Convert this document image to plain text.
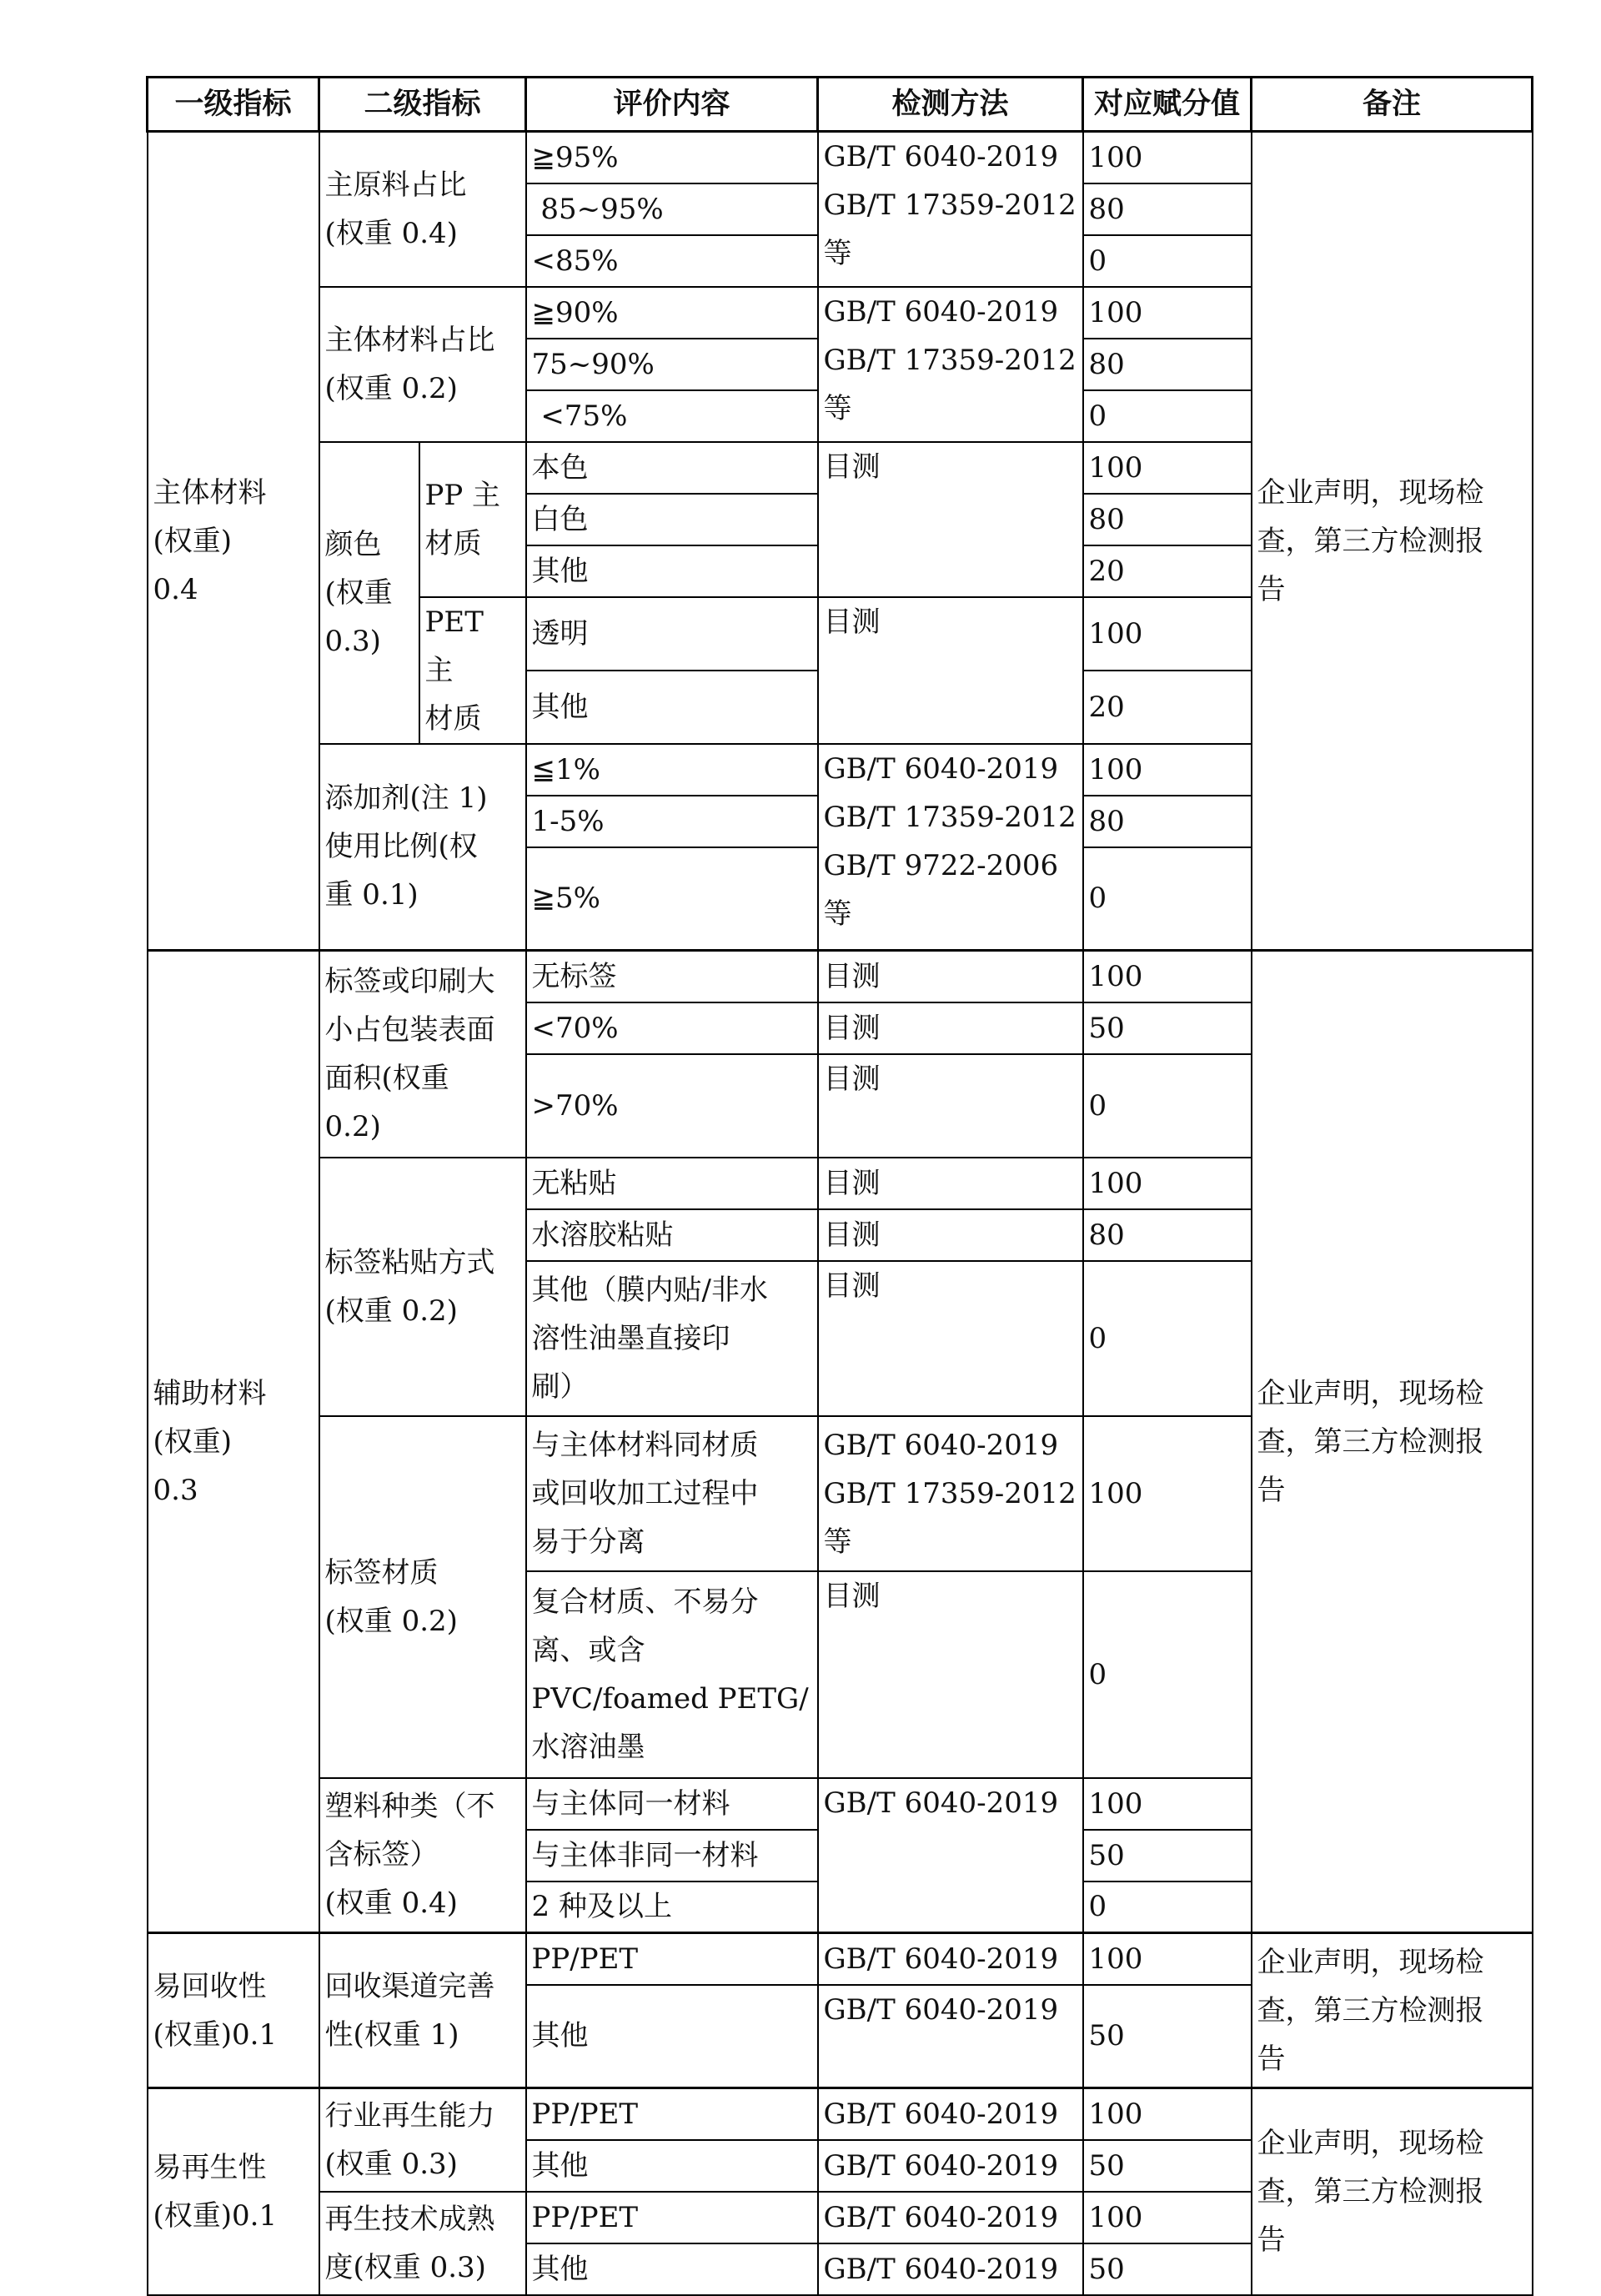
一级指标	二级指标		评价内容	检测方法	对应赋分值	备注
主体材料
(权重)
0.4	主原料占比
(权重 0.4)		≧95%	GB/T 6040-2019
GB/T 17359-2012
等	100	企业声明，现场检
查，第三方检测报
告
			85~95%		80	
			<85%		0	
	主体材料占比
(权重 0.2)		≧90%	GB/T 6040-2019
GB/T 17359-2012
等	100	
			75~90%		80	
			<75%		0	
	颜色
(权重
0.3)	PP 主
材质	本色	目测	100	
			白色		80	
			其他		20	
		PET 主
材质	透明	目测	100	
			其他		20	
	添加剂(注 1)
使用比例(权
重 0.1)		≦1%	GB/T 6040-2019
GB/T 17359-2012
GB/T 9722-2006
等	100	
			1-5%		80	
			≧5%		0	

辅助材料
(权重)
0.3	标签或印刷大
小占包装表面
面积(权重
0.2)		无标签	目测	100	企业声明，现场检
查，第三方检测报
告
			<70%	目测	50	
			>70%	目测	0	

	标签粘贴方式
(权重 0.2)		无粘贴	目测	100	
			水溶胶粘贴	目测	80	
			其他（膜内贴/非水
溶性油墨直接印
刷）	目测	0	

	标签材质
(权重 0.2)		与主体材料同材质
或回收加工过程中
易于分离	GB/T 6040-2019
GB/T 17359-2012
等	100	

			复合材质、不易分
离、或含
PVC/foamed PETG/
水溶油墨	目测	0	

	塑料种类（不
含标签）
(权重 0.4)		与主体同一材料	GB/T 6040-2019	100	
			与主体非同一材料		50	
			2 种及以上		0	
易回收性
(权重)0.1	回收渠道完善
性(权重 1)		PP/PET	GB/T 6040-2019	100	企业声明，现场检
查，第三方检测报
告
			其他	GB/T 6040-2019	50	

易再生性
(权重)0.1	行业再生能力
(权重 0.3)		PP/PET	GB/T 6040-2019	100	企业声明，现场检
查，第三方检测报
告
			其他	GB/T 6040-2019	50	
	再生技术成熟
度(权重 0.3)		PP/PET	GB/T 6040-2019	100	
			其他	GB/T 6040-2019	50	
